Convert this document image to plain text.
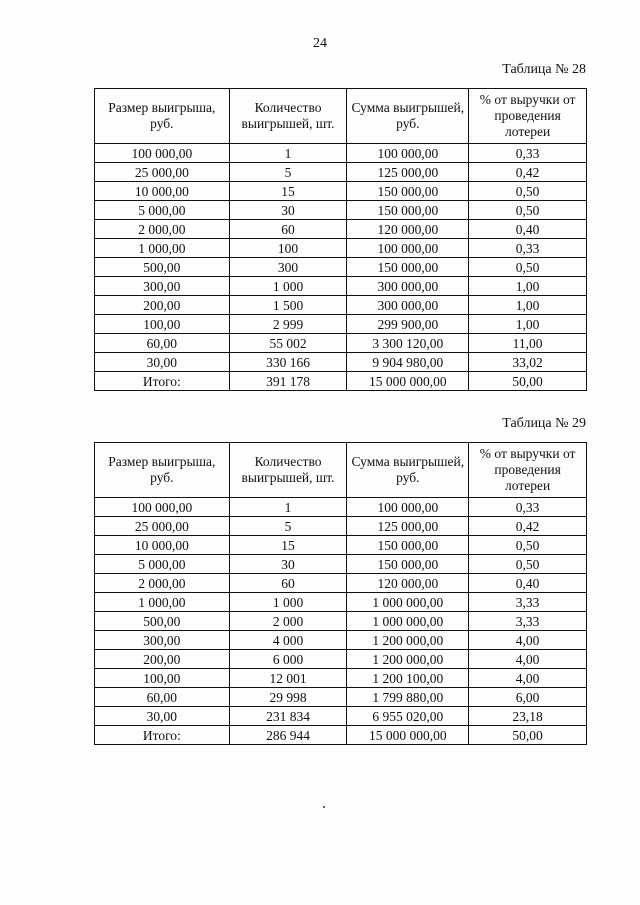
24
Таблица № 28
Размер выигрыша, руб.	Количество выигрышей, шт.	Сумма выигрышей, руб.	% от выручки от проведения лотереи
100 000,00	1	100 000,00	0,33
25 000,00	5	125 000,00	0,42
10 000,00	15	150 000,00	0,50
5 000,00	30	150 000,00	0,50
2 000,00	60	120 000,00	0,40
1 000,00	100	100 000,00	0,33
500,00	300	150 000,00	0,50
300,00	1 000	300 000,00	1,00
200,00	1 500	300 000,00	1,00
100,00	2 999	299 900,00	1,00
60,00	55 002	3 300 120,00	11,00
30,00	330 166	9 904 980,00	33,02
Итого:	391 178	15 000 000,00	50,00
Таблица № 29
Размер выигрыша, руб.	Количество выигрышей, шт.	Сумма выигрышей, руб.	% от выручки от проведения лотереи
100 000,00	1	100 000,00	0,33
25 000,00	5	125 000,00	0,42
10 000,00	15	150 000,00	0,50
5 000,00	30	150 000,00	0,50
2 000,00	60	120 000,00	0,40
1 000,00	1 000	1 000 000,00	3,33
500,00	2 000	1 000 000,00	3,33
300,00	4 000	1 200 000,00	4,00
200,00	6 000	1 200 000,00	4,00
100,00	12 001	1 200 100,00	4,00
60,00	29 998	1 799 880,00	6,00
30,00	231 834	6 955 020,00	23,18
Итого:	286 944	15 000 000,00	50,00
